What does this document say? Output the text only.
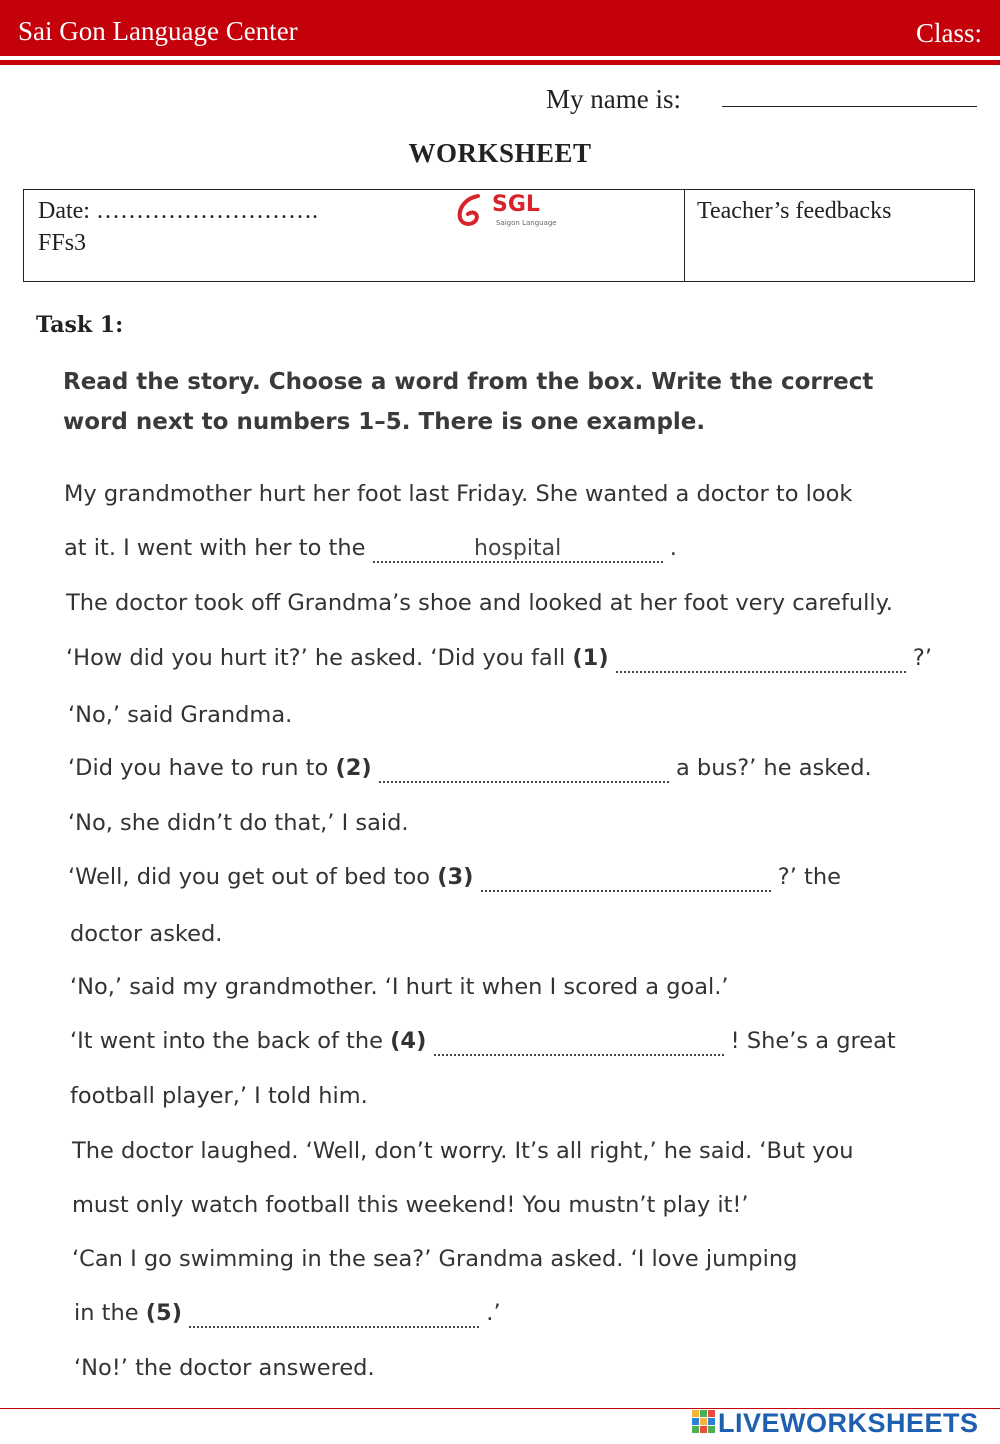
Sai Gon Language Center	Class:
My name is:
WORKSHEET
Date: ……………………….
FFs3
SGL
Saigon Language	Teacher’s feedbacks
Task 1:
Read the story. Choose a word from the box. Write the correct word next to numbers 1–5. There is one example.
My grandmother hurt her foot last Friday. She wanted a doctor to look
at it. I went with her to the	hospital	.
The doctor took off Grandma’s shoe and looked at her foot very carefully.
‘How did you hurt it?’ he asked. ‘Did you fall (1)	?’
‘No,’ said Grandma.
‘Did you have to run to (2)	a bus?’ he asked.
‘No, she didn’t do that,’ I said.
‘Well, did you get out of bed too (3)	?’ the
doctor asked.
‘No,’ said my grandmother. ‘I hurt it when I scored a goal.’
‘It went into the back of the (4)	! She’s a great
football player,’ I told him.
The doctor laughed. ‘Well, don’t worry. It’s all right,’ he said. ‘But you
must only watch football this weekend! You mustn’t play it!’
‘Can I go swimming in the sea?’ Grandma asked. ‘I love jumping
in the (5)	.’
‘No!’ the doctor answered.
LIVEWORKSHEETS
